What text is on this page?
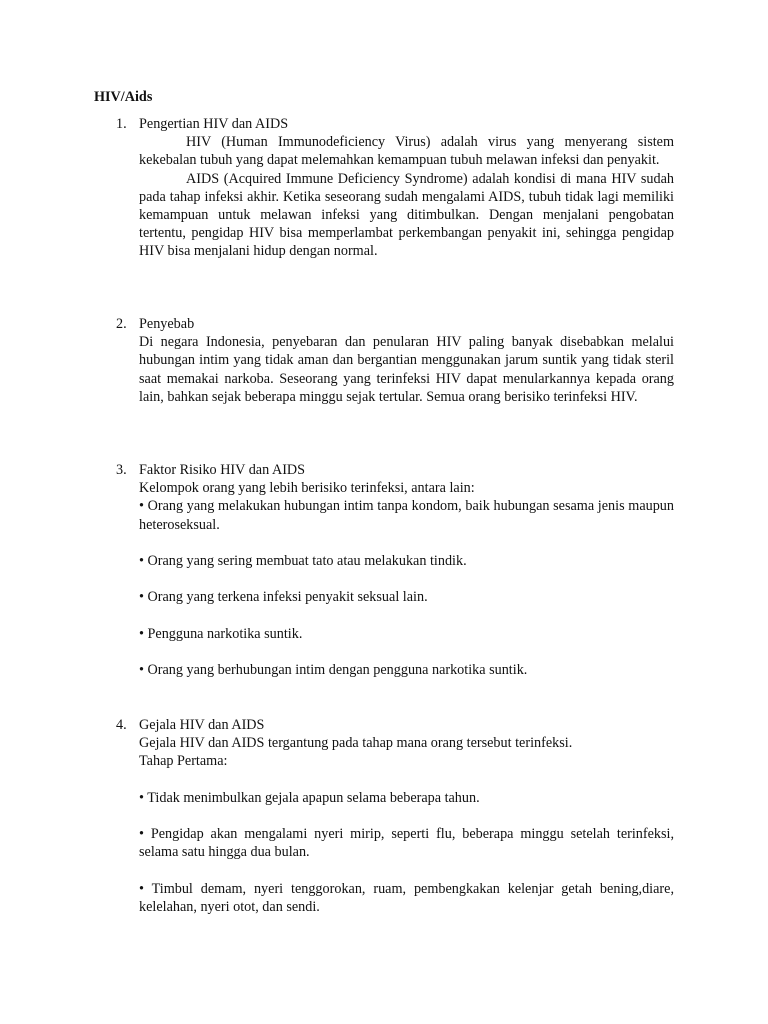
HIV/Aids
1. Pengertian HIV dan AIDS

HIV (Human Immunodeficiency Virus) adalah virus yang menyerang sistem kekebalan tubuh yang dapat melemahkan kemampuan tubuh melawan infeksi dan penyakit.

AIDS (Acquired Immune Deficiency Syndrome) adalah kondisi di mana HIV sudah pada tahap infeksi akhir. Ketika seseorang sudah mengalami AIDS, tubuh tidak lagi memiliki kemampuan untuk melawan infeksi yang ditimbulkan. Dengan menjalani pengobatan tertentu, pengidap HIV bisa memperlambat perkembangan penyakit ini, sehingga pengidap HIV bisa menjalani hidup dengan normal.

2. Penyebab

Di negara Indonesia, penyebaran dan penularan HIV paling banyak disebabkan melalui hubungan intim yang tidak aman dan bergantian menggunakan jarum suntik yang tidak steril saat memakai narkoba. Seseorang yang terinfeksi HIV dapat menularkannya kepada orang lain, bahkan sejak beberapa minggu sejak tertular. Semua orang berisiko terinfeksi HIV.

3. Faktor Risiko HIV dan AIDS
Kelompok orang yang lebih berisiko terinfeksi, antara lain:
• Orang yang melakukan hubungan intim tanpa kondom, baik hubungan sesama jenis maupun heteroseksual.
• Orang yang sering membuat tato atau melakukan tindik.
• Orang yang terkena infeksi penyakit seksual lain.
• Pengguna narkotika suntik.
• Orang yang berhubungan intim dengan pengguna narkotika suntik.
4. Gejala HIV dan AIDS
Gejala HIV dan AIDS tergantung pada tahap mana orang tersebut terinfeksi.
Tahap Pertama:
• Tidak menimbulkan gejala apapun selama beberapa tahun.
• Pengidap akan mengalami nyeri mirip, seperti flu, beberapa minggu setelah terinfeksi, selama satu hingga dua bulan.
• Timbul demam, nyeri tenggorokan, ruam, pembengkakan kelenjar getah bening,diare, kelelahan, nyeri otot, dan sendi.
